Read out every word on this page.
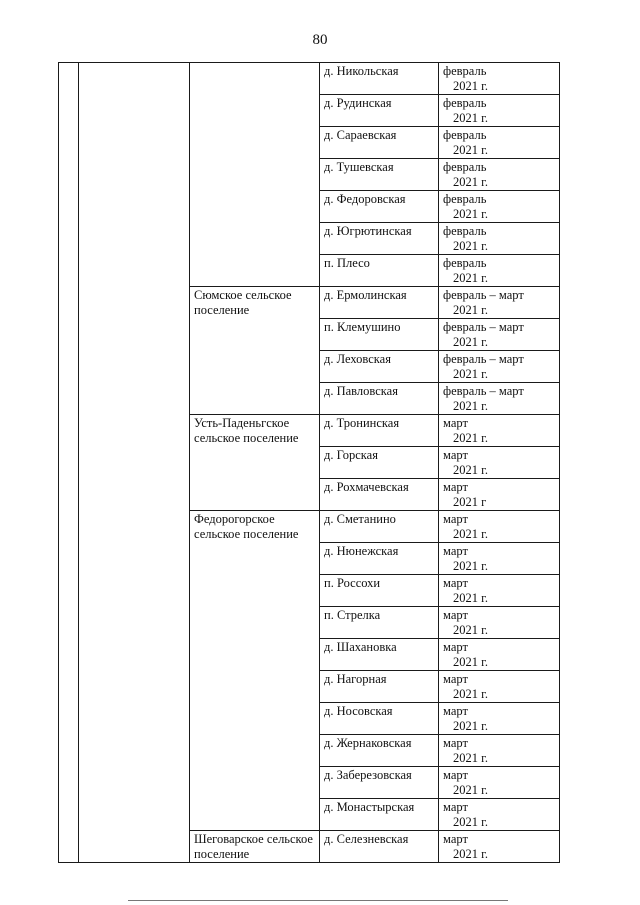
80
			д. Никольская	февраль
2021 г.

			д. Рудинская	февраль
2021 г.

			д. Сараевская	февраль
2021 г.

			д. Тушевская	февраль
2021 г.

			д. Федоровская	февраль
2021 г.

			д. Югрютинская	февраль
2021 г.

			п. Плесо	февраль
2021 г.

		Сюмское сельское поселение	д. Ермолинская	февраль – март
2021 г.

			п. Клемушино	февраль – март
2021 г.

			д. Леховская	февраль – март
2021 г.

			д. Павловская	февраль – март
2021 г.

		Усть-Паденьгское сельское поселение	д. Тронинская	март
2021 г.

			д. Горская	март
2021 г.

			д. Рохмачевская	март
2021 г

		Федорогорское сельское поселение	д. Сметанино	март
2021 г.

			д. Нюнежская	март
2021 г.

			п. Россохи	март
2021 г.

			п. Стрелка	март
2021 г.

			д. Шахановка	март
2021 г.

			д. Нагорная	март
2021 г.

			д. Носовская	март
2021 г.

			д. Жернаковская	март
2021 г.

			д. Заберезовская	март
2021 г.

			д. Монастырская	март
2021 г.

		Шеговарское сельское поселение	д. Селезневская	март
2021 г.
